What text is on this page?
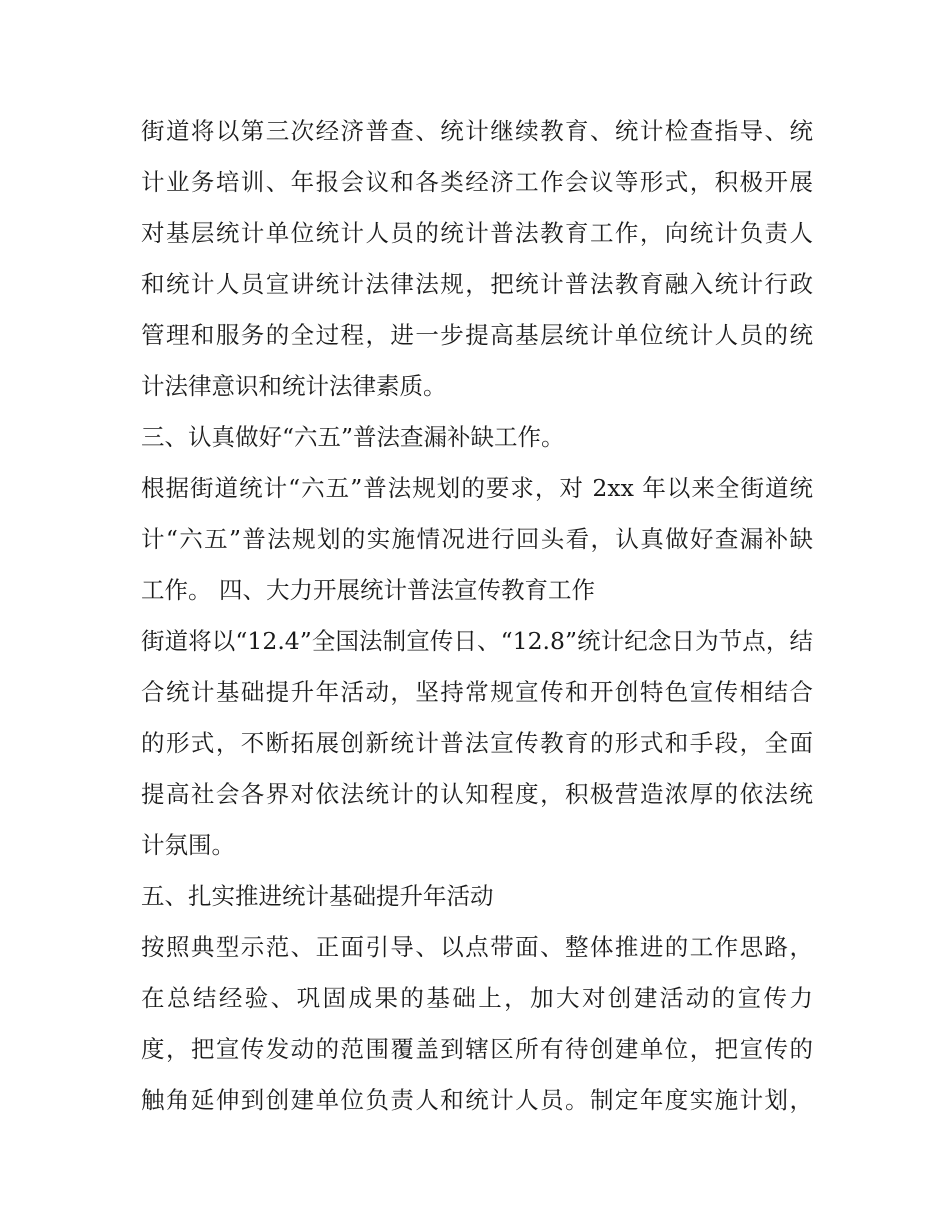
街道将以第三次经济普查、统计继续教育、统计检查指导、统
计业务培训、年报会议和各类经济工作会议等形式，积极开展
对基层统计单位统计人员的统计普法教育工作，向统计负责人
和统计人员宣讲统计法律法规，把统计普法教育融入统计行政
管理和服务的全过程，进一步提高基层统计单位统计人员的统
计法律意识和统计法律素质。
三、认真做好“六五”普法查漏补缺工作。
根据街道统计“六五”普法规划的要求，对 2xx 年以来全街道统
计“六五”普法规划的实施情况进行回头看，认真做好查漏补缺
工作。 四、大力开展统计普法宣传教育工作
街道将以“12.4”全国法制宣传日、“12.8”统计纪念日为节点，结
合统计基础提升年活动，坚持常规宣传和开创特色宣传相结合
的形式，不断拓展创新统计普法宣传教育的形式和手段，全面
提高社会各界对依法统计的认知程度，积极营造浓厚的依法统
计氛围。
五、扎实推进统计基础提升年活动
按照典型示范、正面引导、以点带面、整体推进的工作思路，
在总结经验、巩固成果的基础上，加大对创建活动的宣传力
度，把宣传发动的范围覆盖到辖区所有待创建单位，把宣传的
触角延伸到创建单位负责人和统计人员。制定年度实施计划，
